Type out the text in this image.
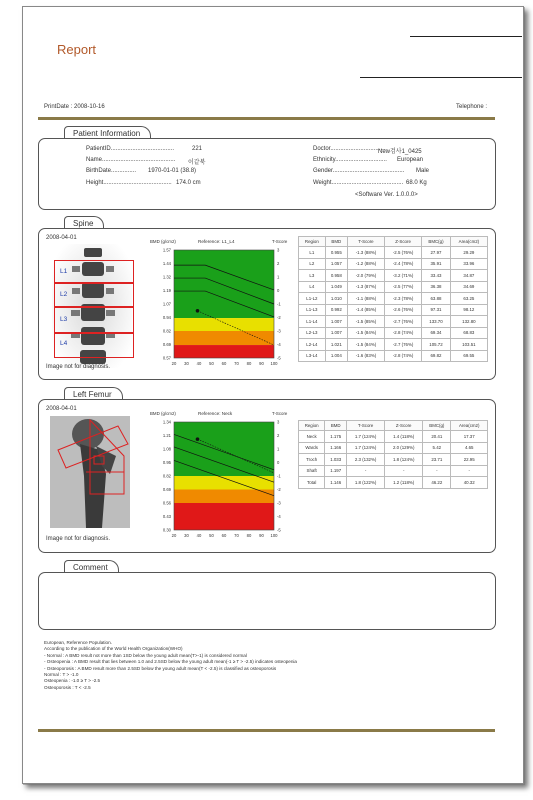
Report
PrintDate : 2008-10-16	Telephone :
Patient Information
PatientID......................................	221
Name............................................ 이같북
BirthDate............... 1970-01-01 (38.8)
Height......................................... 174.0 cm
Doctor..................................
New검사1_0425
Ethnicity............................... European
Gender........................................... Male
Weight........................................... 68.0 Kg
<Software Ver. 1.0.0.0>
Spine
2008-04-01
L1
L2
L3
L4
Image not for diagnosis.
BMD (g/cm2)	Reference: L1_L4	T-Score
1.57
1.44
1.32
1.19
1.07
0.94
0.82
0.69
0.57
3
2
1
0
-1
-2
-3
-4
-5
20 30 40 50 60 70 80 90 100
Region	BMD	T-Score	Z-Score	BMC(g)	Area(cm2)
L1	0.955	-1.3 (88%)	-2.5 (76%)	27.97	29.29
L2	1.057	-1.2 (88%)	-2.4 (78%)	35.91	33.96
L3	0.958	-2.0 (79%)	-3.2 (71%)	33.43	34.87
L4	1.049	-1.3 (87%)	-2.5 (77%)	36.38	34.69
L1-L2	1.010	-1.1 (88%)	-2.3 (78%)	63.88	63.25
L1-L3	0.992	-1.4 (85%)	-2.6 (76%)	97.31	98.12
L1-L4	1.007	-1.5 (85%)	-2.7 (76%)	133.70	132.80
L2-L3	1.007	-1.5 (84%)	-2.8 (74%)	69.34	68.83
L2-L4	1.021	-1.5 (84%)	-2.7 (76%)	105.72	103.51
L3-L4	1.004	-1.6 (83%)	-2.8 (74%)	69.82	69.55
Left Femur
2008-04-01
Image not for diagnosis.
BMD (g/cm2)	Reference: Neck	T-Score
1.34
1.21
1.08
0.95
0.82
0.69
0.56
0.43
0.30
3
2
1
0
-1
-2
-3
-4
-5
20 30 40 50 60 70 80 90 100
Region	BMD	T-Score	Z-Score	BMC(g)	Area(cm2)
Neck	1.175	1.7 (124%)	1.4 (118%)	20.41	17.37
Wards	1.166	1.7 (124%)	2.0 (129%)	5.42	4.65
Troch	1.033	2.3 (132%)	1.8 (124%)	23.71	22.95
Shaft	1.197	-	-	-	-
Total	1.146	1.8 (122%)	1.2 (118%)	46.22	40.32
Comment
European, Reference Population.
According to the publication of the World Health Organization(WHO)
- Normal : A BMD result not more than 1SD below the young adult mean(T>-1) is considered normal
- Osteopenia : A BMD result that lies between 1.0 and 2.5SD below the young adult mean(-1 ≥ T > -2.5) indicates osteopenia
- Osteoporosis : A BMD result more than 2.5SD below the young adult mean(T < -2.5) is classified as osteoporosis
Normal : T > -1.0
Osteopenia : -1.0 ≥ T > -2.5
Osteoporosis : T < -2.5
